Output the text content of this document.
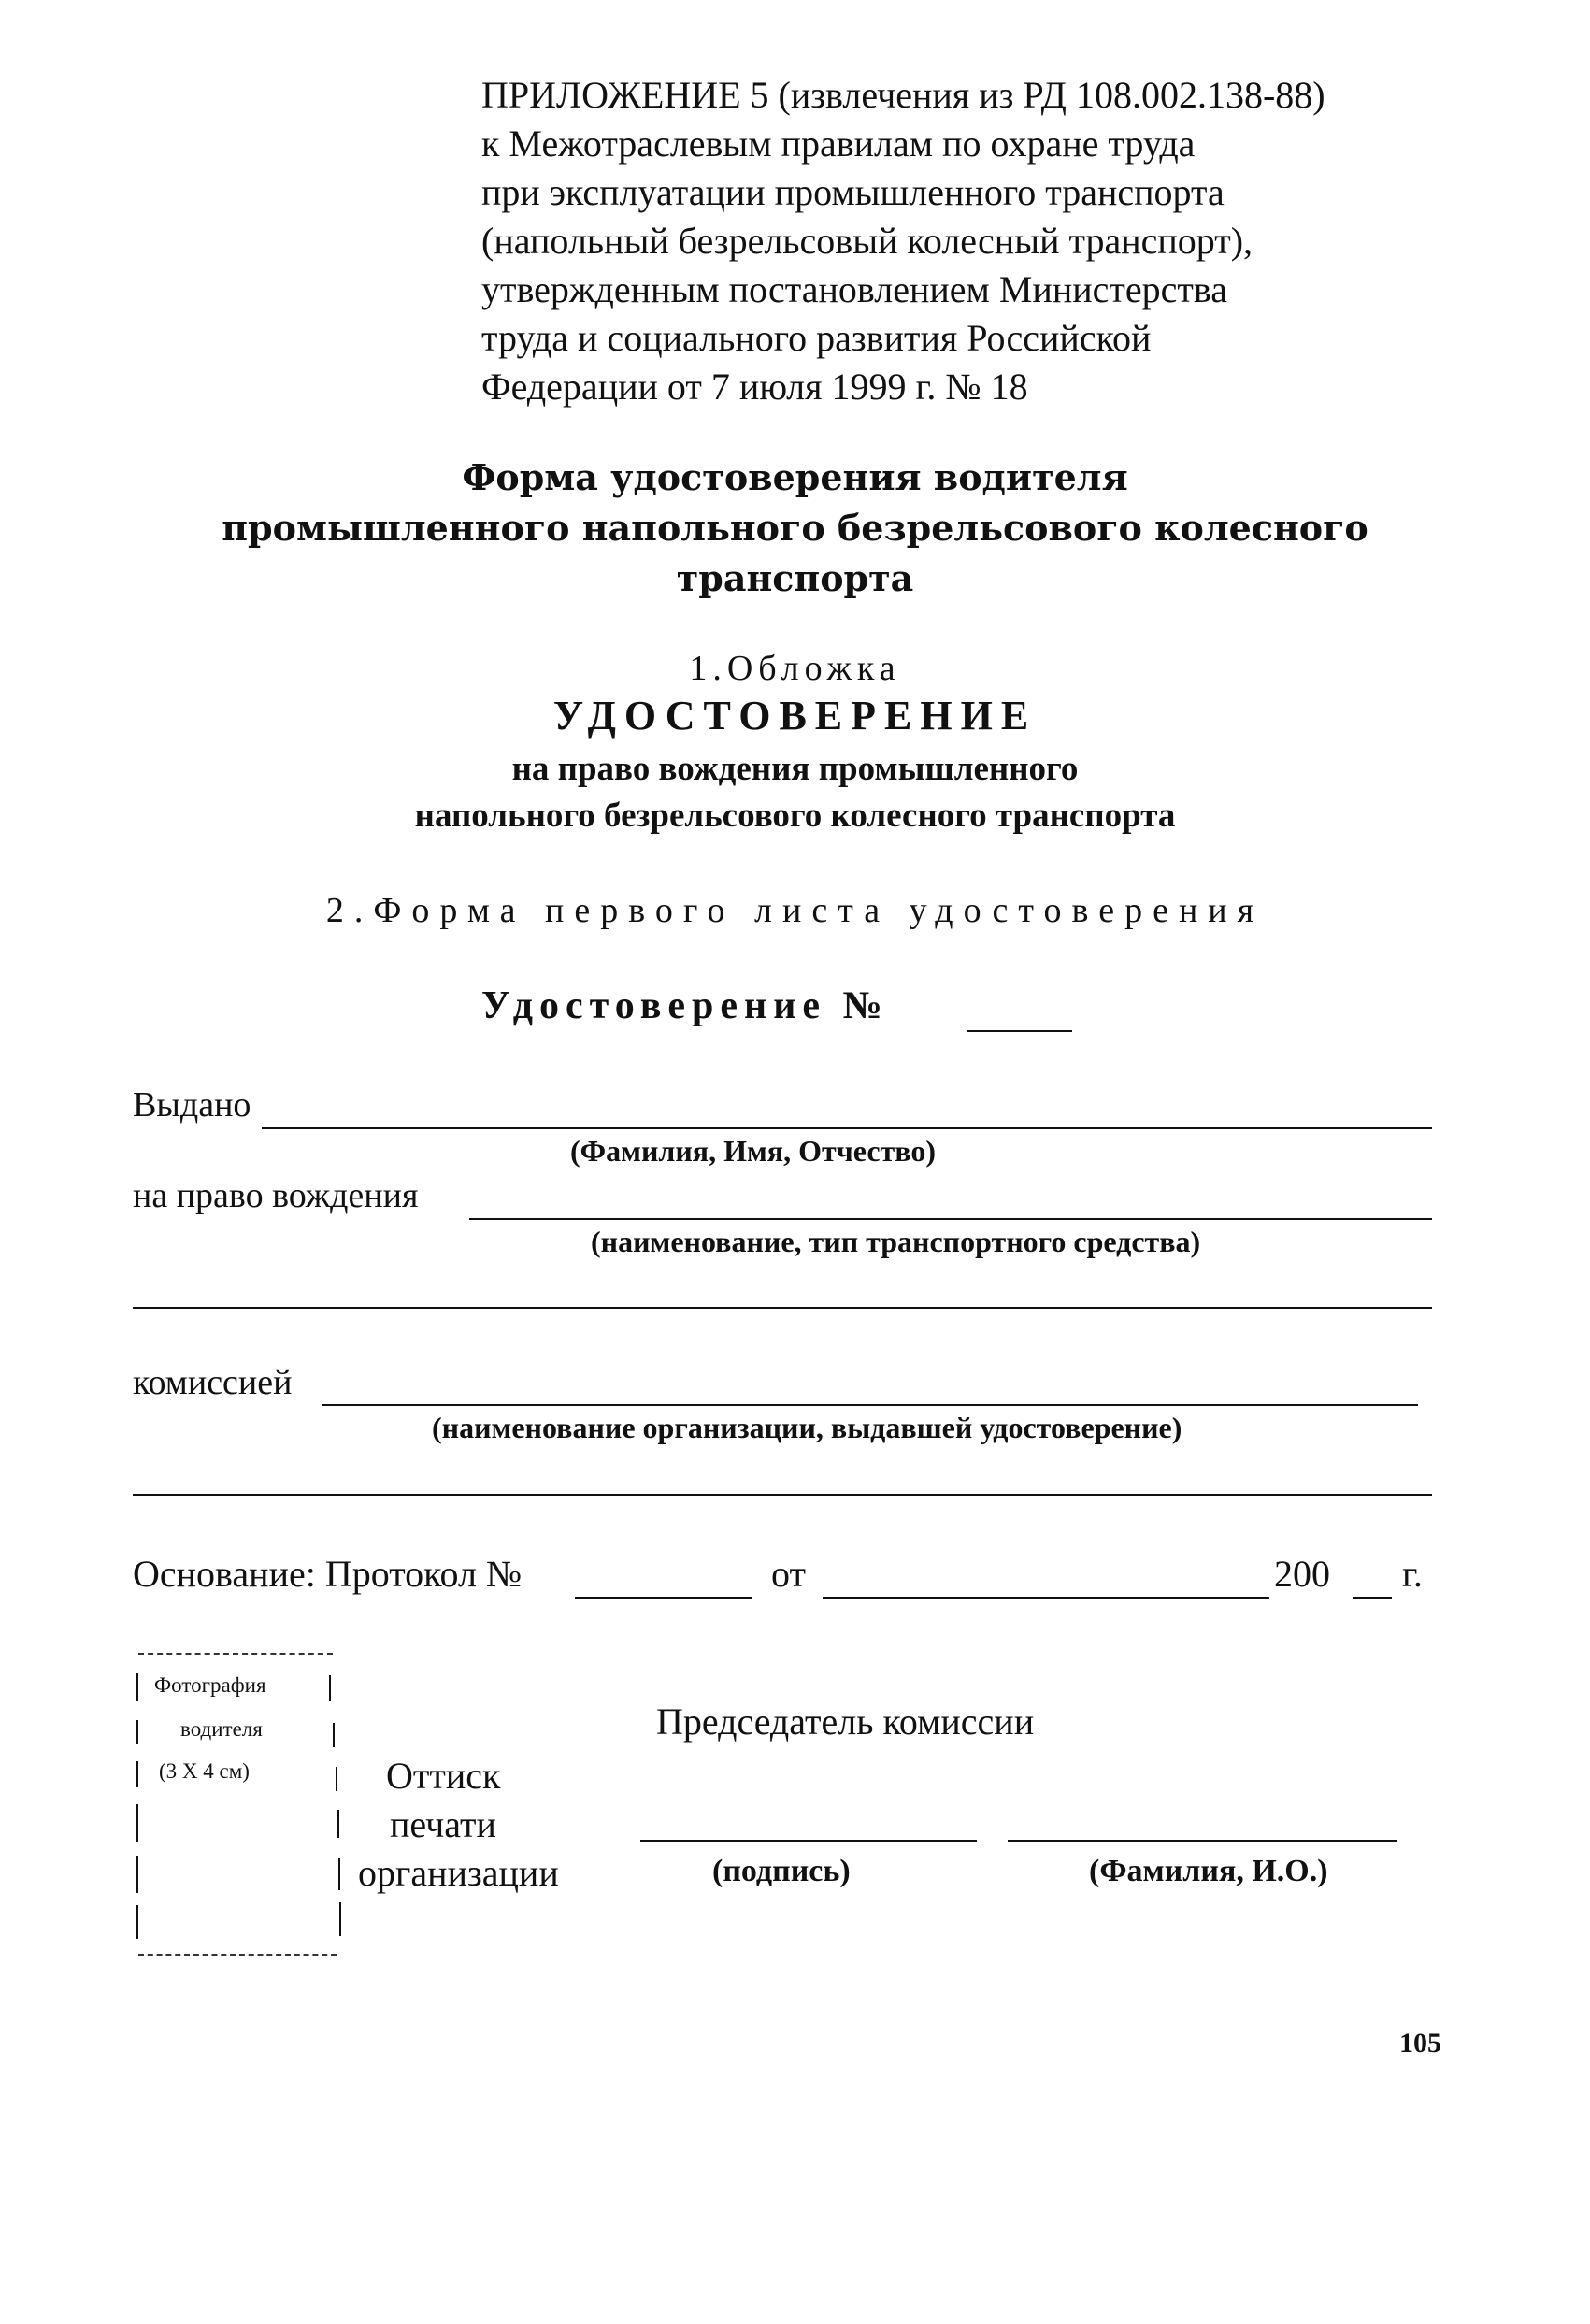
ПРИЛОЖЕНИЕ 5 (извлечения из РД 108.002.138-88)
к Межотраслевым правилам по охране труда
при эксплуатации промышленного транспорта
(напольный безрельсовый колесный транспорт),
утвержденным постановлением Министерства
труда и социального развития Российской
Федерации от 7 июля 1999 г. № 18
Форма удостоверения водителя
промышленного напольного безрельсового колесного
транспорта
1.Обложка
УДОСТОВЕРЕНИЕ
на право вождения промышленного
напольного безрельсового колесного транспорта
2.Форма первого листа удостоверения
Удостоверение №
Выдано
(Фамилия, Имя, Отчество)
на право вождения
(наименование, тип транспортного средства)
комиссией
(наименование организации, выдавшей удостоверение)
Основание: Протокол №	от	200 г.
Фотография
водителя
(3 Х 4 см)	Оттиск
печати
организации
Председатель комиссии
(подпись)	(Фамилия, И.О.)
105
